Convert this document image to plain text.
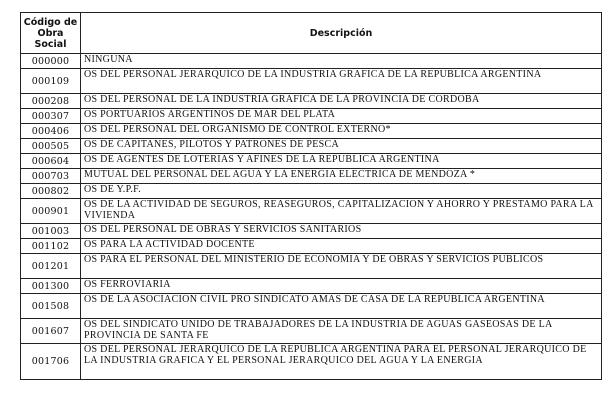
Código de Obra Social	Descripción
000000	NINGUNA
000109	OS DEL PERSONAL JERARQUICO DE LA INDUSTRIA GRAFICA DE LA REPUBLICA ARGENTINA
000208	OS DEL PERSONAL DE LA INDUSTRIA GRAFICA DE LA PROVINCIA DE CORDOBA
000307	OS PORTUARIOS ARGENTINOS DE MAR DEL PLATA
000406	OS DEL PERSONAL DEL ORGANISMO DE CONTROL EXTERNO*
000505	OS DE CAPITANES, PILOTOS Y PATRONES DE PESCA
000604	OS DE AGENTES DE LOTERIAS Y AFINES DE LA REPUBLICA ARGENTINA
000703	MUTUAL DEL PERSONAL DEL AGUA Y LA ENERGIA ELECTRICA DE MENDOZA *
000802	OS DE Y.P.F.
000901	OS DE LA ACTIVIDAD DE SEGUROS, REASEGUROS, CAPITALIZACION Y AHORRO Y PRESTAMO PARA LA VIVIENDA
001003	OS DEL PERSONAL DE OBRAS Y SERVICIOS SANITARIOS
001102	OS PARA LA ACTIVIDAD DOCENTE
001201	OS PARA EL PERSONAL DEL MINISTERIO DE ECONOMIA Y DE OBRAS Y SERVICIOS PUBLICOS
001300	OS FERROVIARIA
001508	OS DE LA ASOCIACION CIVIL PRO SINDICATO AMAS DE CASA DE LA REPUBLICA ARGENTINA
001607	OS DEL SINDICATO UNIDO DE TRABAJADORES DE LA INDUSTRIA DE AGUAS GASEOSAS DE LA PROVINCIA DE SANTA FE
001706	OS DEL PERSONAL JERARQUICO DE LA REPUBLICA ARGENTINA PARA EL PERSONAL JERARQUICO DE LA INDUSTRIA GRAFICA Y EL PERSONAL JERARQUICO DEL AGUA Y LA ENERGIA
